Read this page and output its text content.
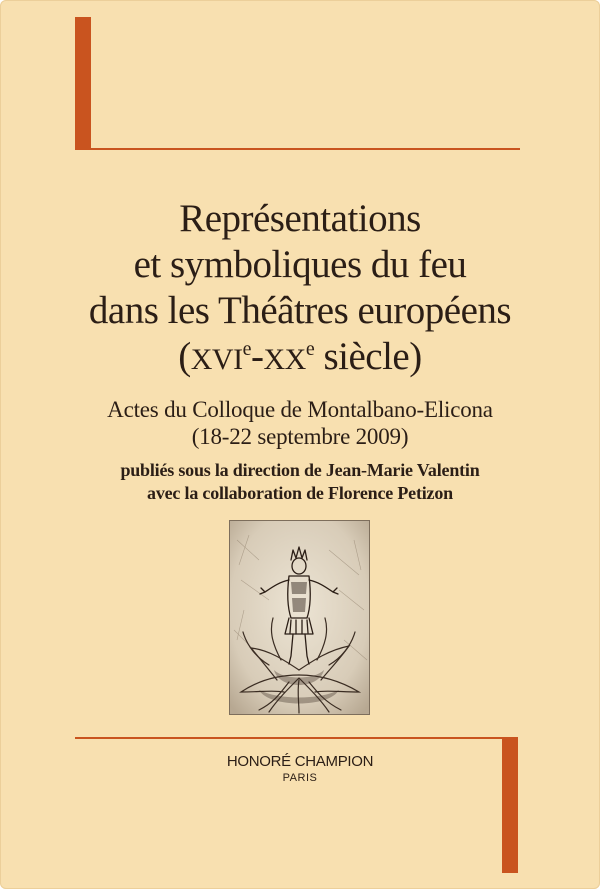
Représentations
et symboliques du feu
dans les Théâtres européens
(XVIe-XXe siècle)
Actes du Colloque de Montalbano-Elicona
(18-22 septembre 2009)
publiés sous la direction de Jean-Marie Valentin
avec la collaboration de Florence Petizon
HONORÉ CHAMPION
PARIS
